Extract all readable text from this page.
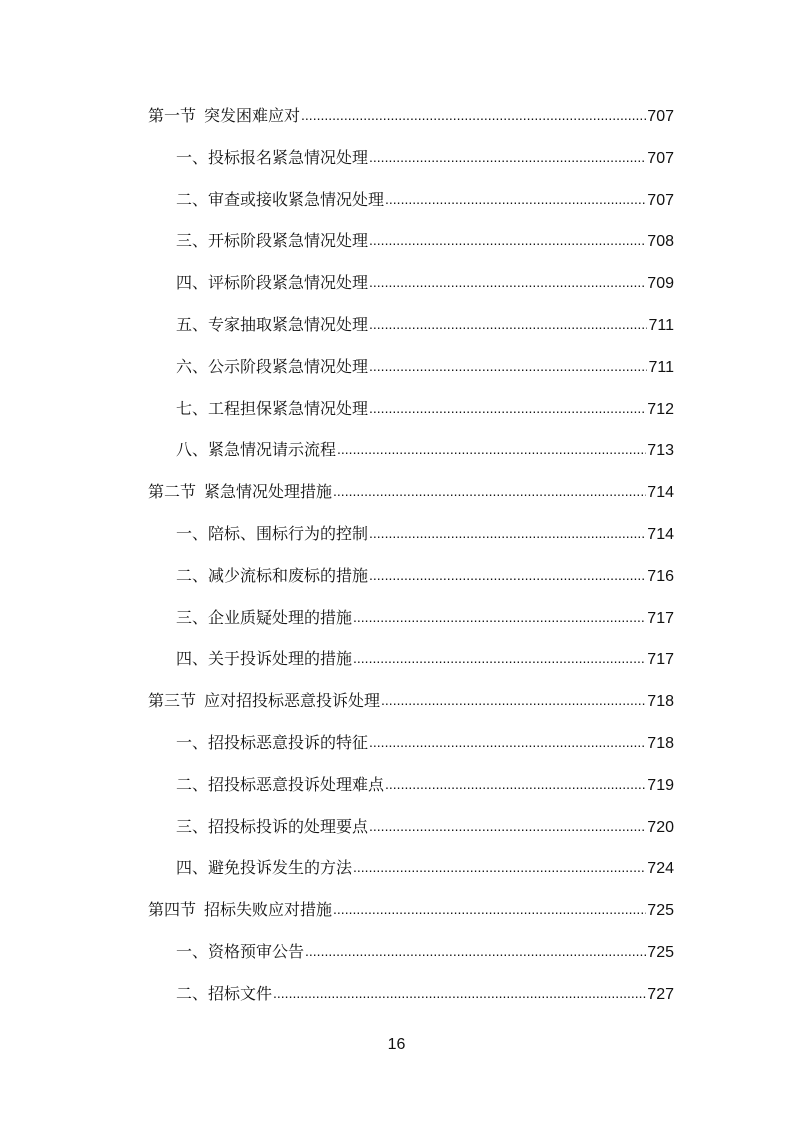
第一节 突发困难应对 .....	707
一、投标报名紧急情况处理 .....	707
二、审查或接收紧急情况处理 .....	707
三、开标阶段紧急情况处理 .....	708
四、评标阶段紧急情况处理 .....	709
五、专家抽取紧急情况处理 .....	711
六、公示阶段紧急情况处理 .....	711
七、工程担保紧急情况处理 .....	712
八、紧急情况请示流程 .....	713
第二节 紧急情况处理措施 .....	714
一、陪标、围标行为的控制 .....	714
二、减少流标和废标的措施 .....	716
三、企业质疑处理的措施 .....	717
四、关于投诉处理的措施 .....	717
第三节 应对招投标恶意投诉处理 .....	718
一、招投标恶意投诉的特征 .....	718
二、招投标恶意投诉处理难点 .....	719
三、招投标投诉的处理要点 .....	720
四、避免投诉发生的方法 .....	724
第四节 招标失败应对措施 .....	725
一、资格预审公告 .....	725
二、招标文件 .....	727
16
